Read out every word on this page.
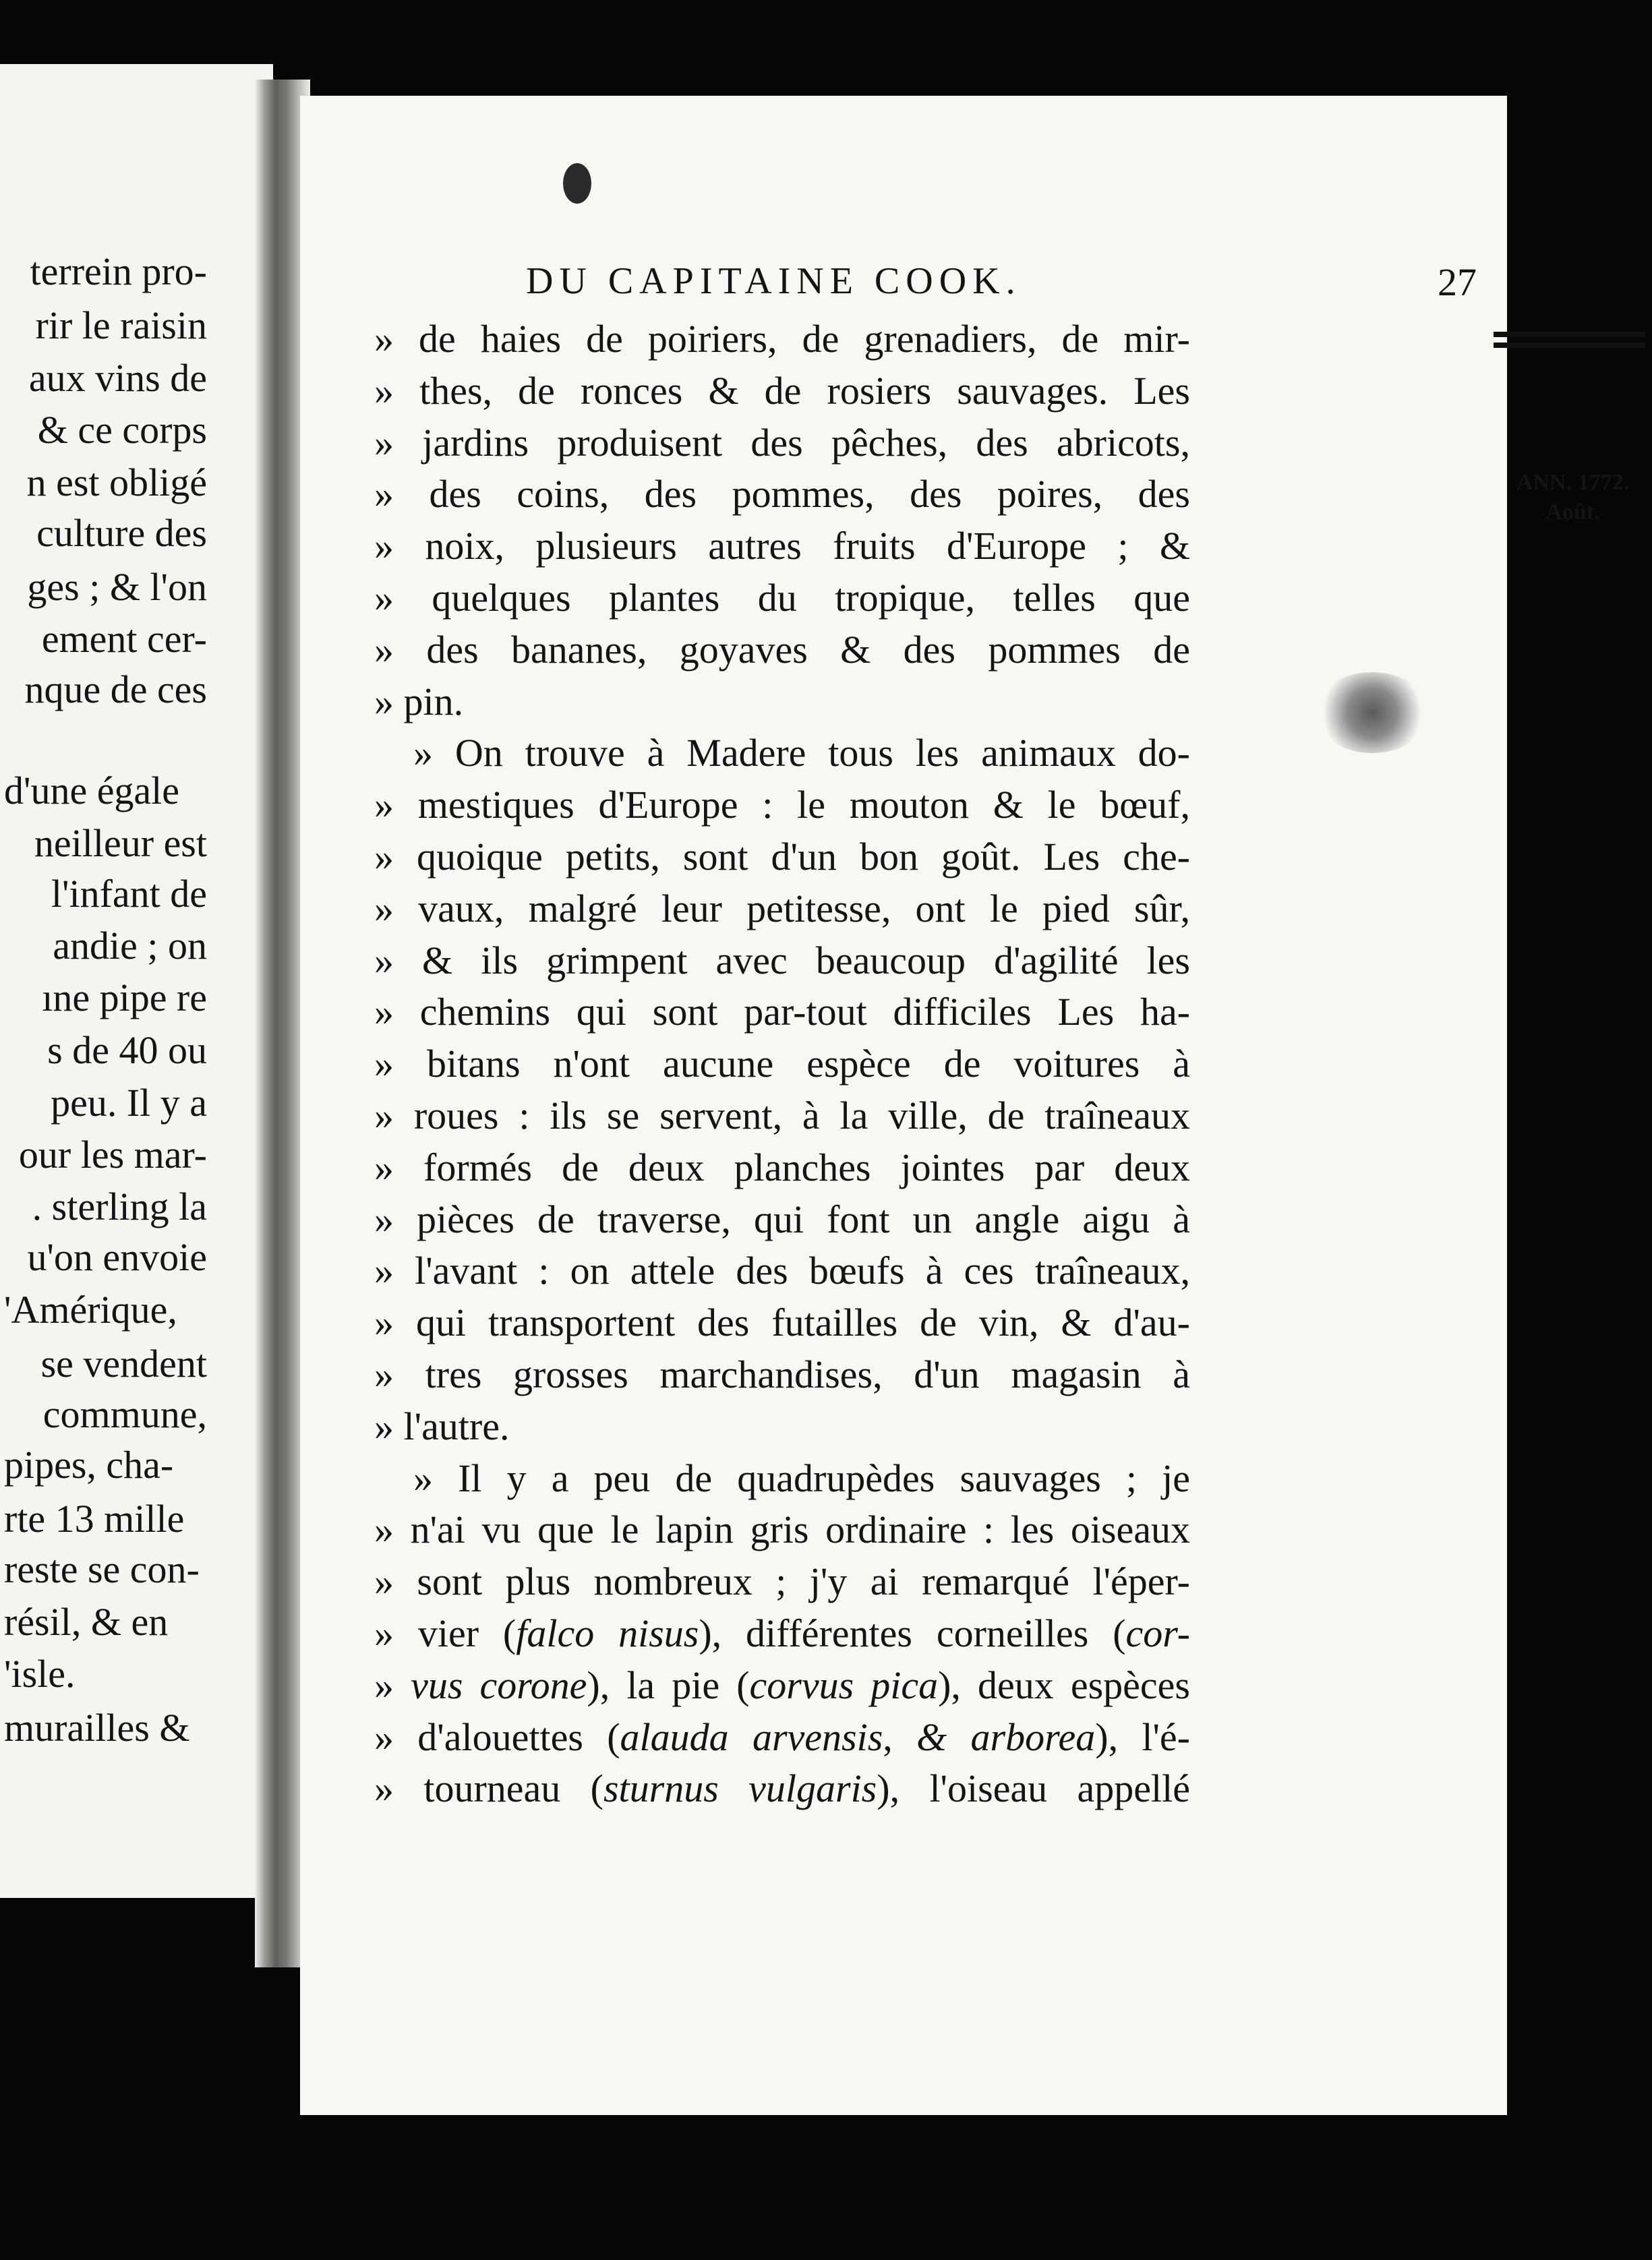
terrein pro-
rir le raisin
aux vins de
& ce corps
n est obligé
culture des
ges ; & l'on
ement cer-
nque de ces
d'une égale
neilleur est
l'infant de
andie ; on
ıne pipe re
s de 40 ou
peu. Il y a
our les mar-
. sterling la
u'on envoie
'Amérique,
se vendent
commune,
pipes, cha-
rte 13 mille
reste se con-
résil, & en
'isle.
murailles &
DU CAPITAINE COOK.	27
ANN. 1772.
Août.
» de haies de poiriers, de grenadiers, de mir-
» thes, de ronces & de rosiers sauvages. Les
» jardins produisent des pêches, des abricots,
» des coins, des pommes, des poires, des
» noix, plusieurs autres fruits d'Europe ; &
» quelques plantes du tropique, telles que
» des bananes, goyaves & des pommes de
» pin.
» On trouve à Madere tous les animaux do-
» mestiques d'Europe : le mouton & le bœuf,
» quoique petits, sont d'un bon goût. Les che-
» vaux, malgré leur petitesse, ont le pied sûr,
» & ils grimpent avec beaucoup d'agilité les
» chemins qui sont par-tout difficiles Les ha-
» bitans n'ont aucune espèce de voitures à
» roues : ils se servent, à la ville, de traîneaux
» formés de deux planches jointes par deux
» pièces de traverse, qui font un angle aigu à
» l'avant : on attele des bœufs à ces traîneaux,
» qui transportent des futailles de vin, & d'au-
» tres grosses marchandises, d'un magasin à
» l'autre.
» Il y a peu de quadrupèdes sauvages ; je
» n'ai vu que le lapin gris ordinaire : les oiseaux
» sont plus nombreux ; j'y ai remarqué l'éper-
» vier (falco nisus), différentes corneilles (cor-
» vus corone), la pie (corvus pica), deux espèces
» d'alouettes (alauda arvensis, & arborea), l'é-
» tourneau (sturnus vulgaris), l'oiseau appellé
